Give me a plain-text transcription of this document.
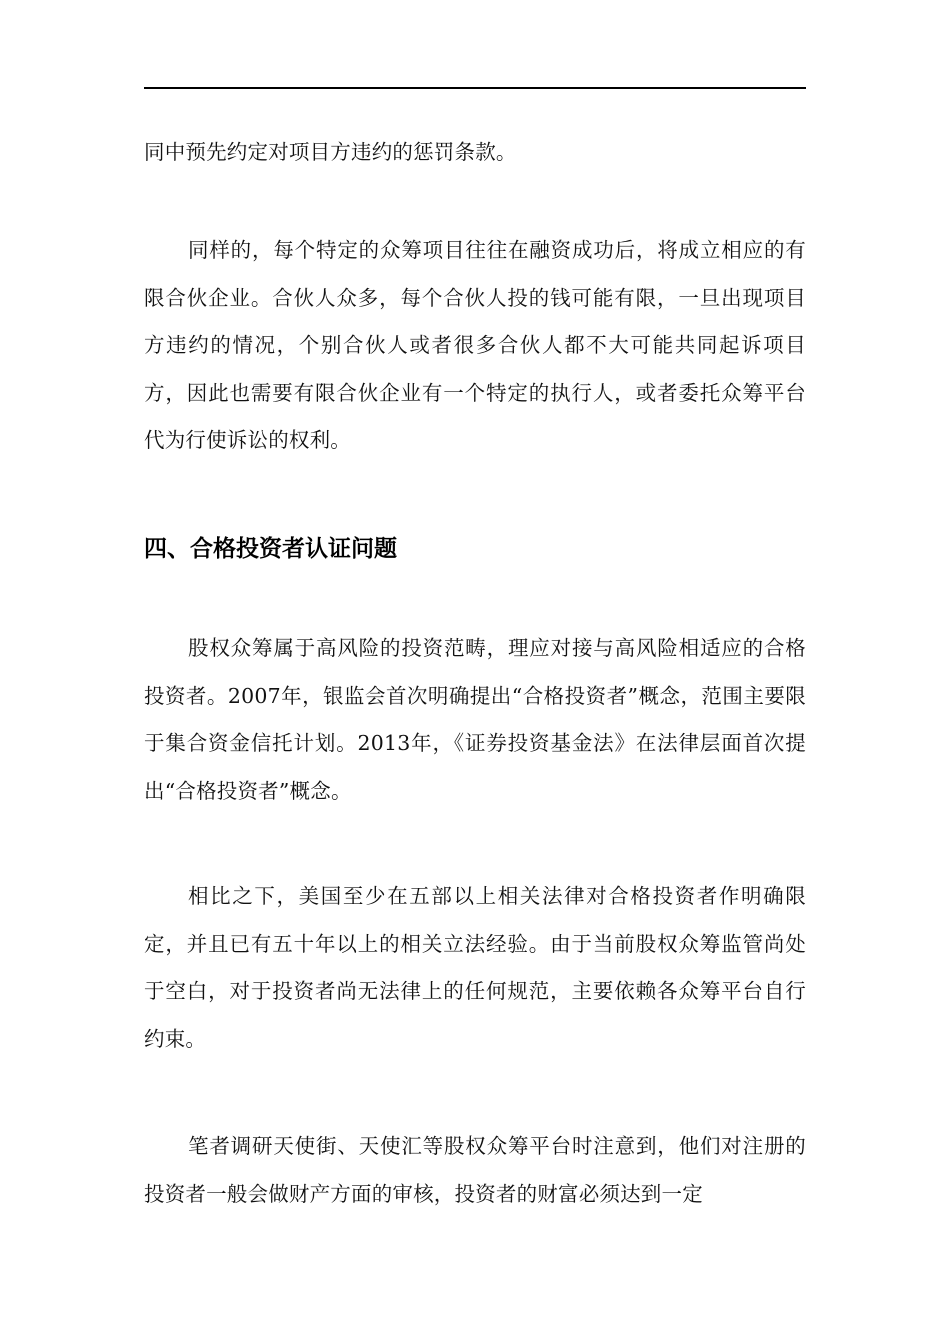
同中预先约定对项目方违约的惩罚条款。

同样的，每个特定的众筹项目往往在融资成功后，将成立相应的有限合伙企业。合伙人众多，每个合伙人投的钱可能有限，一旦出现项目方违约的情况，个别合伙人或者很多合伙人都不大可能共同起诉项目方，因此也需要有限合伙企业有一个特定的执行人，或者委托众筹平台代为行使诉讼的权利。

四、合格投资者认证问题

股权众筹属于高风险的投资范畴，理应对接与高风险相适应的合格投资者。2007年，银监会首次明确提出“合格投资者”概念，范围主要限于集合资金信托计划。2013年，《证券投资基金法》在法律层面首次提出“合格投资者”概念。

相比之下，美国至少在五部以上相关法律对合格投资者作明确限定，并且已有五十年以上的相关立法经验。由于当前股权众筹监管尚处于空白，对于投资者尚无法律上的任何规范，主要依赖各众筹平台自行约束。

笔者调研天使街、天使汇等股权众筹平台时注意到，他们对注册的投资者一般会做财产方面的审核，投资者的财富必须达到一定
